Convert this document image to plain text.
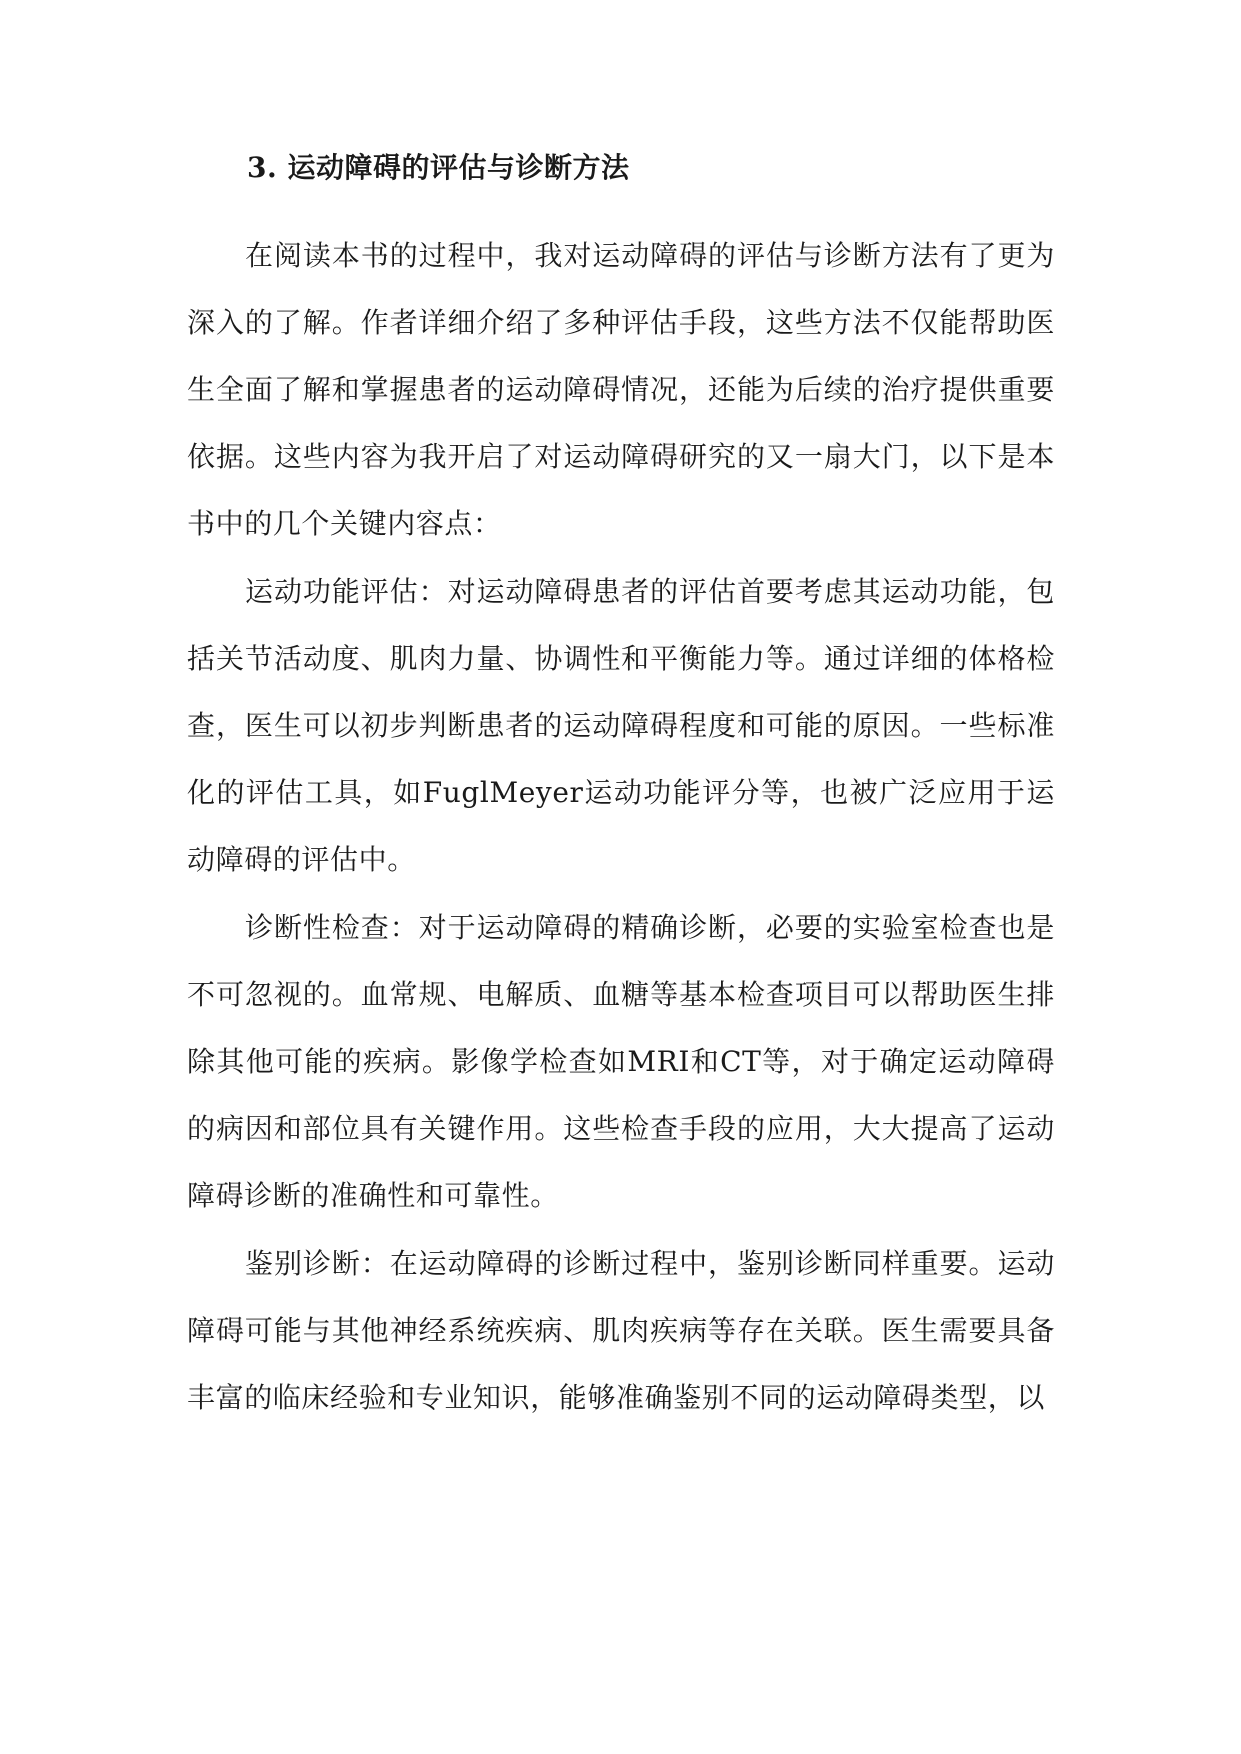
3. 运动障碍的评估与诊断方法

在阅读本书的过程中，我对运动障碍的评估与诊断方法有了更为深入的了解。作者详细介绍了多种评估手段，这些方法不仅能帮助医生全面了解和掌握患者的运动障碍情况，还能为后续的治疗提供重要依据。这些内容为我开启了对运动障碍研究的又一扇大门，以下是本书中的几个关键内容点：

运动功能评估：对运动障碍患者的评估首要考虑其运动功能，包括关节活动度、肌肉力量、协调性和平衡能力等。通过详细的体格检查，医生可以初步判断患者的运动障碍程度和可能的原因。一些标准化的评估工具，如FuglMeyer运动功能评分等，也被广泛应用于运动障碍的评估中。

诊断性检查：对于运动障碍的精确诊断，必要的实验室检查也是不可忽视的。血常规、电解质、血糖等基本检查项目可以帮助医生排除其他可能的疾病。影像学检查如MRI和CT等，对于确定运动障碍的病因和部位具有关键作用。这些检查手段的应用，大大提高了运动障碍诊断的准确性和可靠性。

鉴别诊断：在运动障碍的诊断过程中，鉴别诊断同样重要。运动障碍可能与其他神经系统疾病、肌肉疾病等存在关联。医生需要具备丰富的临床经验和专业知识，能够准确鉴别不同的运动障碍类型，以
